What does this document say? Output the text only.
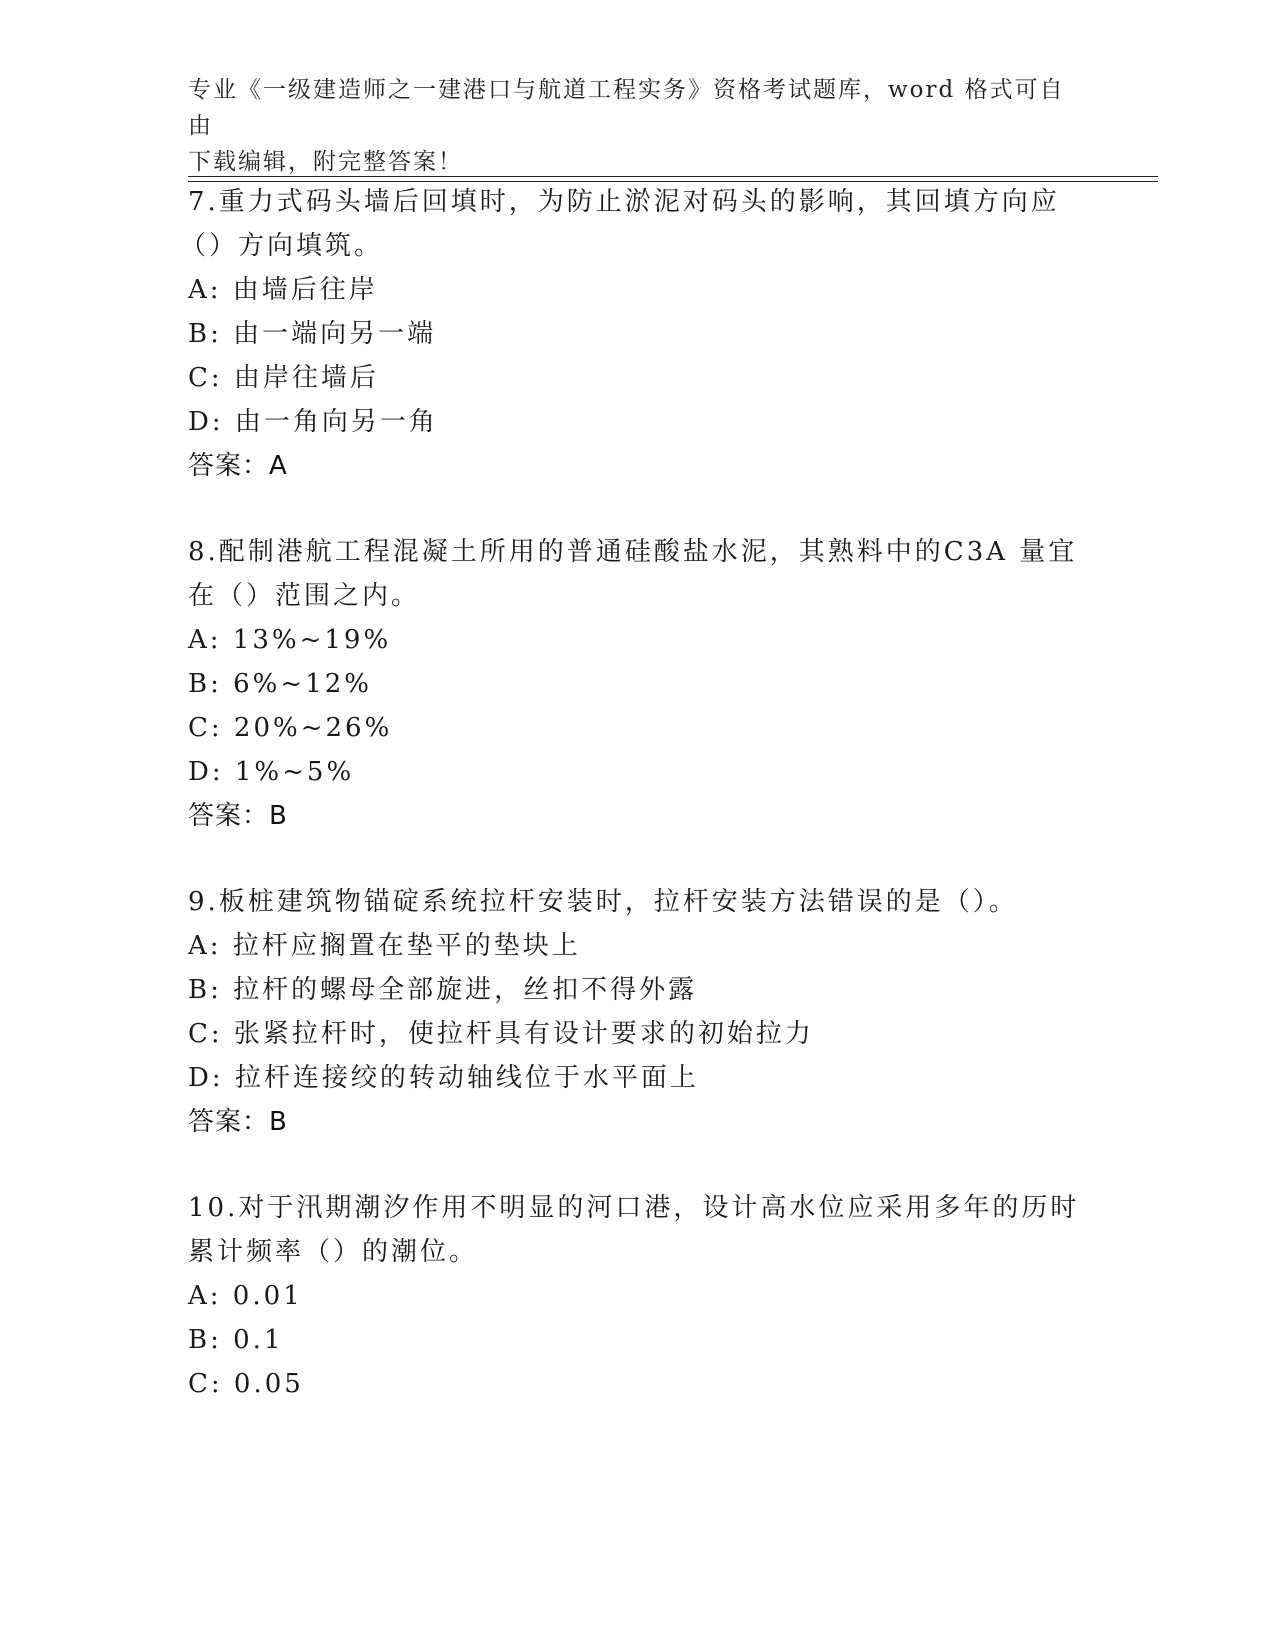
专业《一级建造师之一建港口与航道工程实务》资格考试题库，word 格式可自由
下载编辑，附完整答案！
7.重力式码头墙后回填时，为防止淤泥对码头的影响，其回填方向应
（）方向填筑。
A: 由墙后往岸
B: 由一端向另一端
C: 由岸往墙后
D: 由一角向另一角
答案：A
8.配制港航工程混凝土所用的普通硅酸盐水泥，其熟料中的C3A 量宜
在（）范围之内。
A: 13%~19%
B: 6%~12%
C: 20%~26%
D: 1%~5%
答案：B
9.板桩建筑物锚碇系统拉杆安装时，拉杆安装方法错误的是（）。
A: 拉杆应搁置在垫平的垫块上
B: 拉杆的螺母全部旋进，丝扣不得外露
C: 张紧拉杆时，使拉杆具有设计要求的初始拉力
D: 拉杆连接绞的转动轴线位于水平面上
答案：B
10.对于汛期潮汐作用不明显的河口港，设计高水位应采用多年的历时
累计频率（）的潮位。
A: 0.01
B: 0.1
C: 0.05
